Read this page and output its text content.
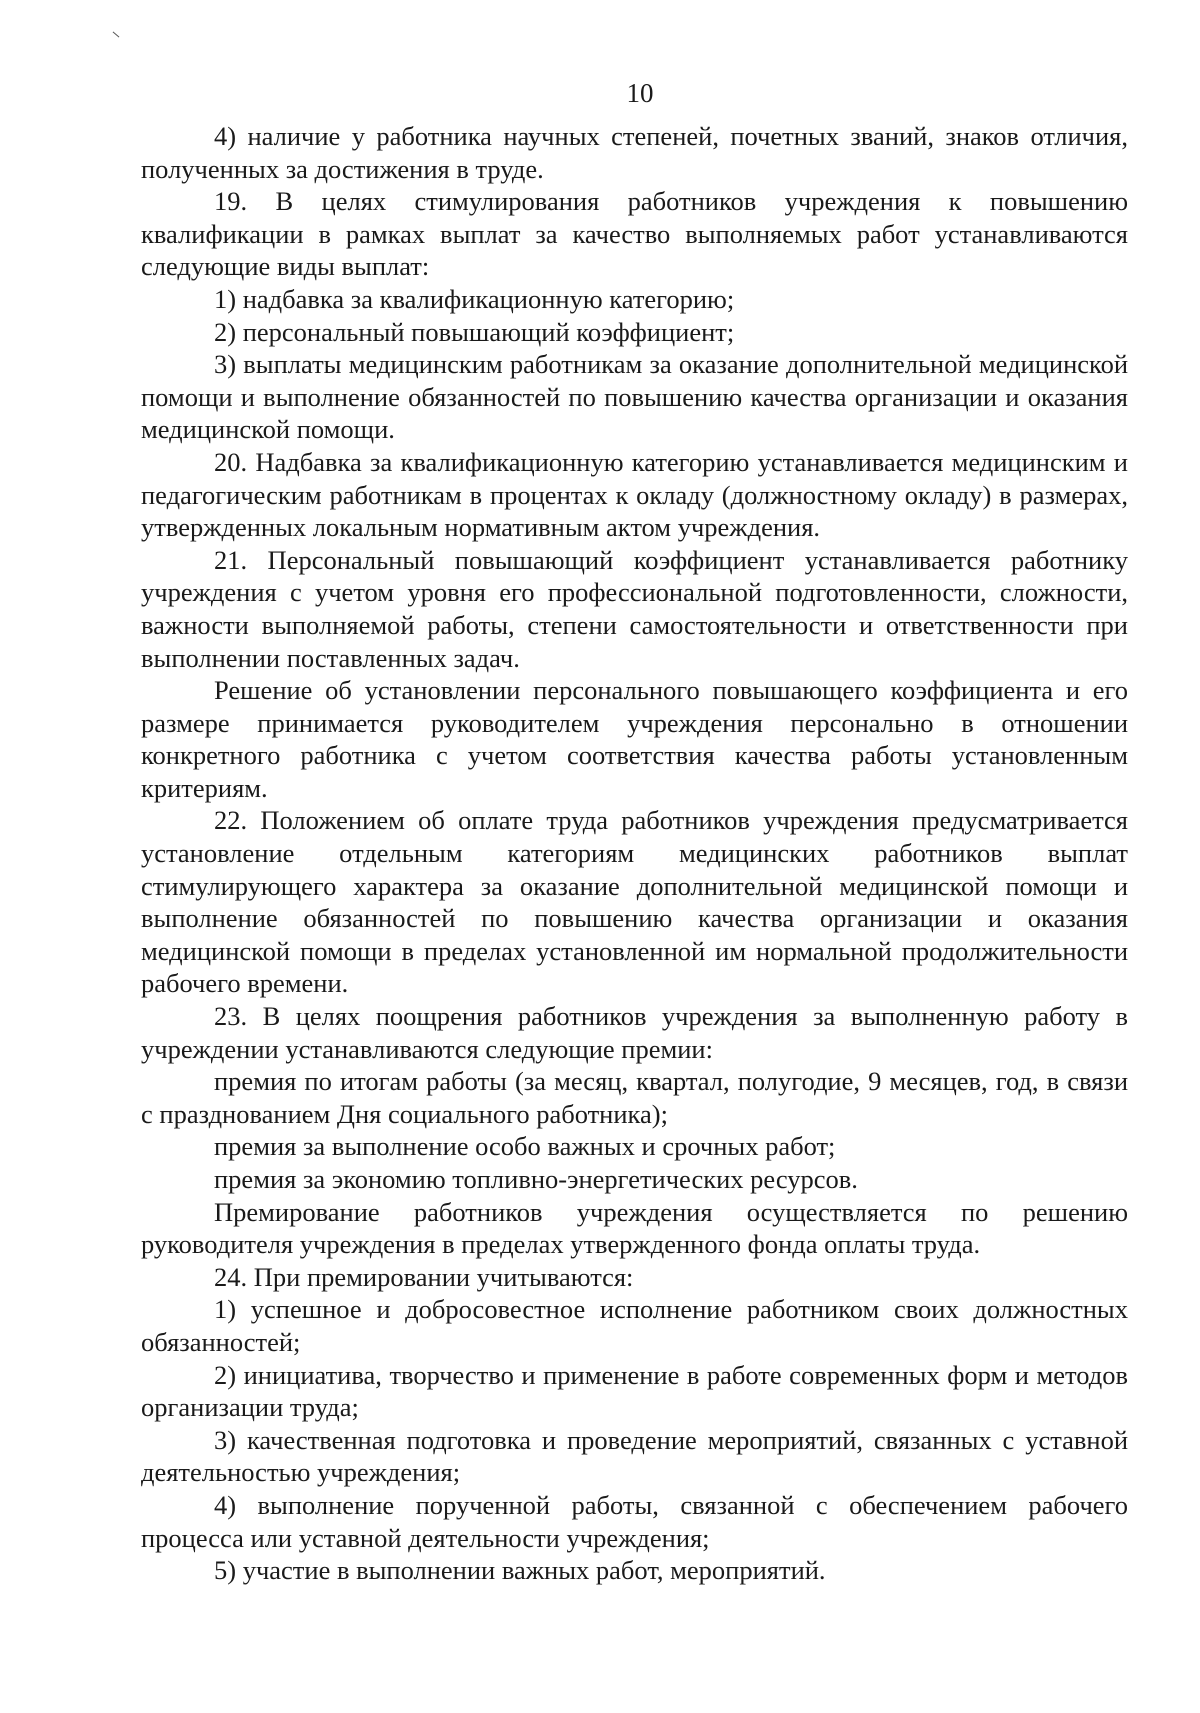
10

4) наличие у работника научных степеней, почетных званий, знаков отличия, полученных за достижения в труде.

19. В целях стимулирования работников учреждения к повышению квалификации в рамках выплат за качество выполняемых работ устанавливаются следующие виды выплат:

1) надбавка за квалификационную категорию;

2) персональный повышающий коэффициент;

3) выплаты медицинским работникам за оказание дополнительной медицинской помощи и выполнение обязанностей по повышению качества организации и оказания медицинской помощи.

20. Надбавка за квалификационную категорию устанавливается медицинским и педагогическим работникам в процентах к окладу (должностному окладу) в размерах, утвержденных локальным нормативным актом учреждения.

21. Персональный повышающий коэффициент устанавливается работнику учреждения с учетом уровня его профессиональной подготовленности, сложности, важности выполняемой работы, степени самостоятельности и ответственности при выполнении поставленных задач.

Решение об установлении персонального повышающего коэффициента и его размере принимается руководителем учреждения персонально в отношении конкретного работника с учетом соответствия качества работы установленным критериям.

22. Положением об оплате труда работников учреждения предусматривается установление отдельным категориям медицинских работников выплат стимулирующего характера за оказание дополнительной медицинской помощи и выполнение обязанностей по повышению качества организации и оказания медицинской помощи в пределах установленной им нормальной продолжительности рабочего времени.

23. В целях поощрения работников учреждения за выполненную работу в учреждении устанавливаются следующие премии:

премия по итогам работы (за месяц, квартал, полугодие, 9 месяцев, год, в связи с празднованием Дня социального работника);

премия за выполнение особо важных и срочных работ;

премия за экономию топливно-энергетических ресурсов.

Премирование работников учреждения осуществляется по решению руководителя учреждения в пределах утвержденного фонда оплаты труда.

24. При премировании учитываются:

1) успешное и добросовестное исполнение работником своих должностных обязанностей;

2) инициатива, творчество и применение в работе современных форм и методов организации труда;

3) качественная подготовка и проведение мероприятий, связанных с уставной деятельностью учреждения;

4) выполнение порученной работы, связанной с обеспечением рабочего процесса или уставной деятельности учреждения;

5) участие в выполнении важных работ, мероприятий.
